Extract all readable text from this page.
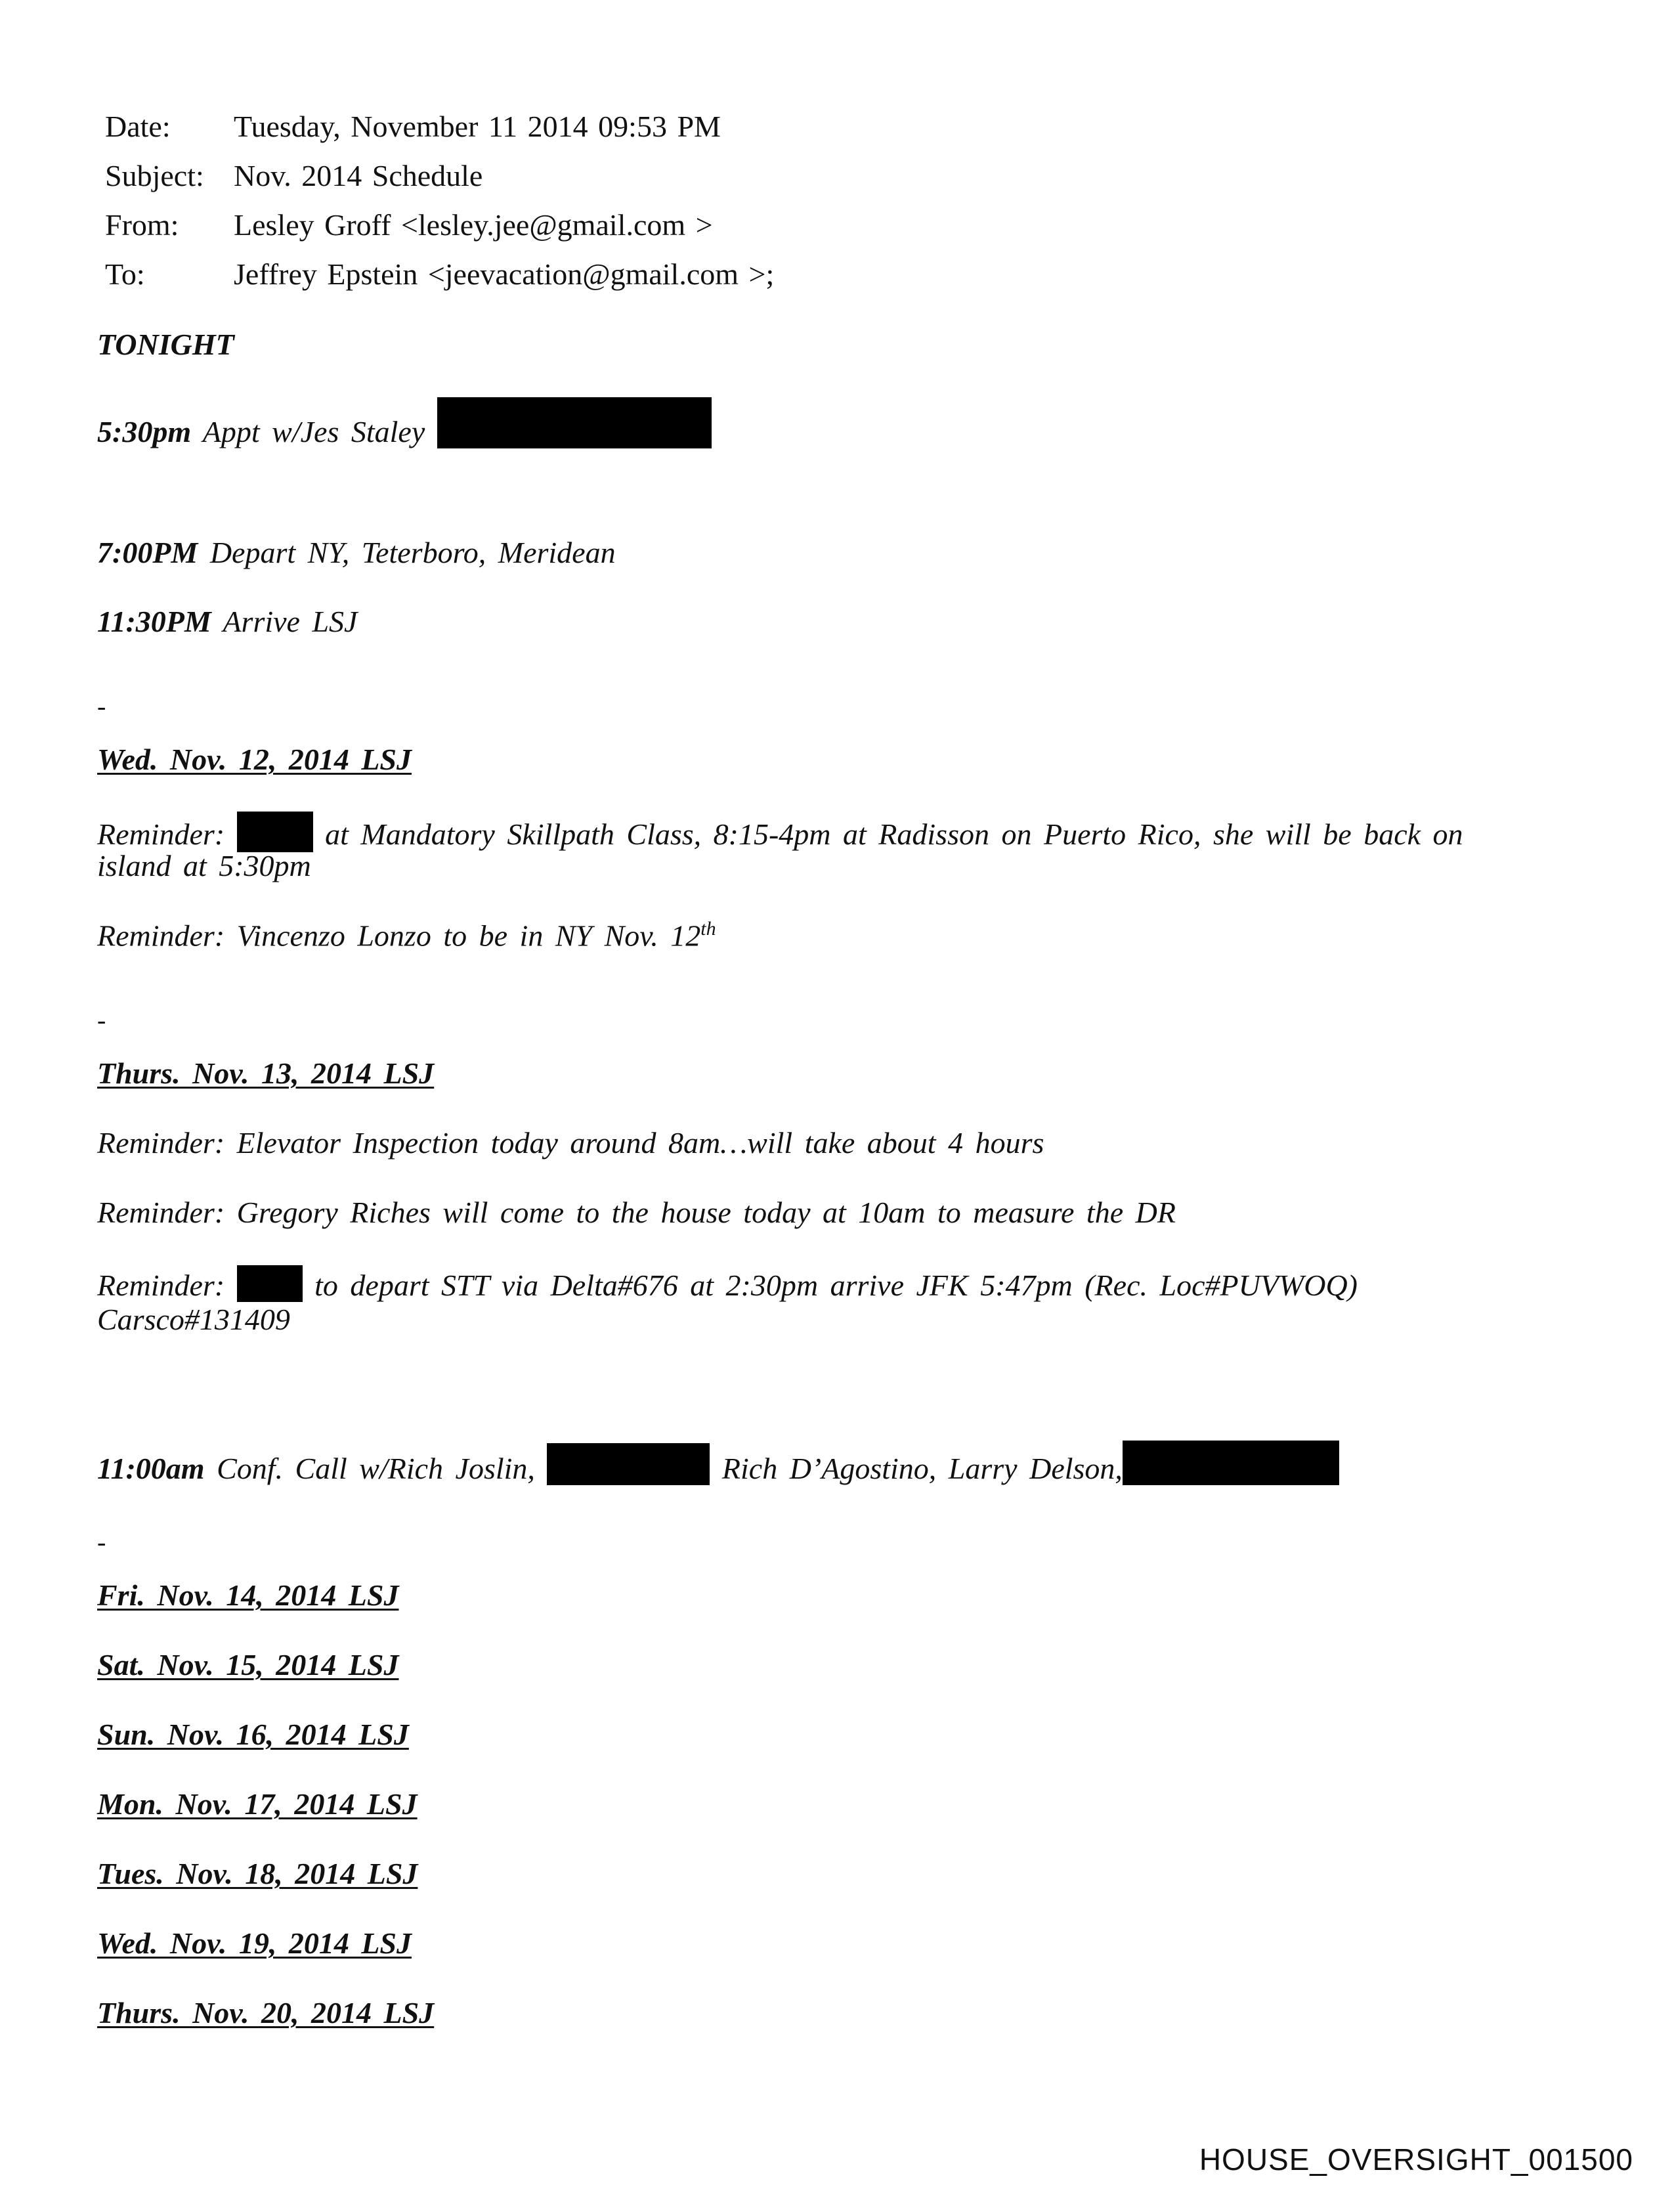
Date:	Tuesday, November 11 2014 09:53 PM
Subject: Nov. 2014 Schedule
From:	Lesley Groff <lesley.jee@gmail.com >
To:	Jeffrey Epstein <jeevacation@gmail.com >;
TONIGHT
5:30pm Appt w/Jes Staley
7:00PM Depart NY, Teterboro, Meridean
11:30PM Arrive LSJ
-
Wed. Nov. 12, 2014 LSJ
Reminder:	at Mandatory Skillpath Class, 8:15-4pm at Radisson on Puerto Rico, she will be back on
island at 5:30pm
Reminder: Vincenzo Lonzo to be in NY Nov. 12th
-
Thurs. Nov. 13, 2014 LSJ
Reminder: Elevator Inspection today around 8am…will take about 4 hours
Reminder: Gregory Riches will come to the house today at 10am to measure the DR
Reminder:	to depart STT via Delta#676 at 2:30pm arrive JFK 5:47pm (Rec. Loc#PUVWOQ)
Carsco#131409
11:00am Conf. Call w/Rich Joslin,	Rich D’Agostino, Larry Delson,
-
Fri. Nov. 14, 2014 LSJ
Sat. Nov. 15, 2014 LSJ
Sun. Nov. 16, 2014 LSJ
Mon. Nov. 17, 2014 LSJ
Tues. Nov. 18, 2014 LSJ
Wed. Nov. 19, 2014 LSJ
Thurs. Nov. 20, 2014 LSJ
HOUSE_OVERSIGHT_001500
